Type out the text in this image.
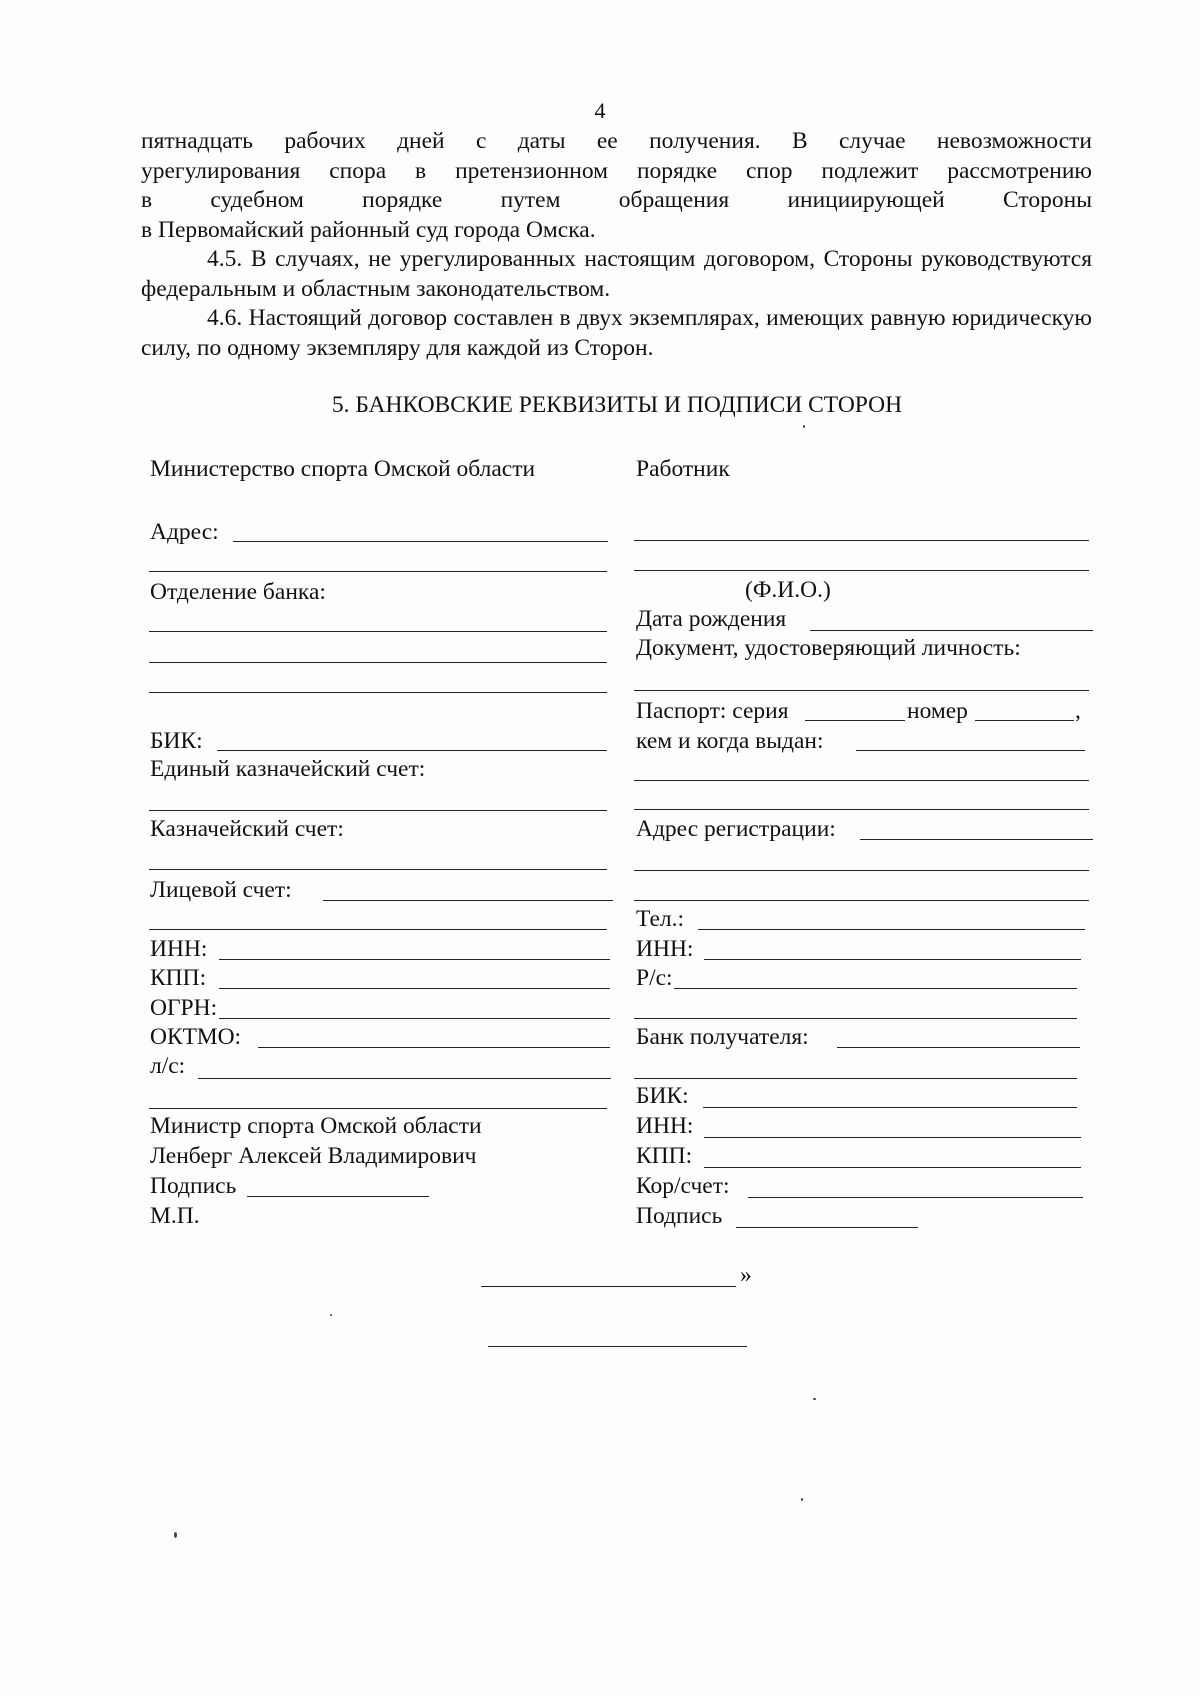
4

пятнадцать рабочих дней с даты ее получения. В случае невозможности

урегулирования спора в претензионном порядке спор подлежит рассмотрению

в судебном порядке путем обращения инициирующей Стороны

в Первомайский районный суд города Омска.

4.5. В случаях, не урегулированных настоящим договором, Стороны руководствуются федеральным и областным законодательством.

4.6. Настоящий договор составлен в двух экземплярах, имеющих равную юридическую силу, по одному экземпляру для каждой из Сторон.

5. БАНКОВСКИЕ РЕКВИЗИТЫ И ПОДПИСИ СТОРОН
Министерство спорта Омской области
Адрес:
Отделение банка:
БИК:
Единый казначейский счет:
Казначейский счет:
Лицевой счет:
ИНН:
КПП:
ОГРН:
ОКТМО:
л/с:
Министр спорта Омской области
Ленберг Алексей Владимирович
Подпись
М.П.
Работник
(Ф.И.О.)
Дата рождения
Документ, удостоверяющий личность:
Паспорт: серия	номер	,
кем и когда выдан:
Адрес регистрации:
Тел.:
ИНН:
Р/с:
Банк получателя:
БИК:
ИНН:
КПП:
Кор/счет:
Подпись
»
